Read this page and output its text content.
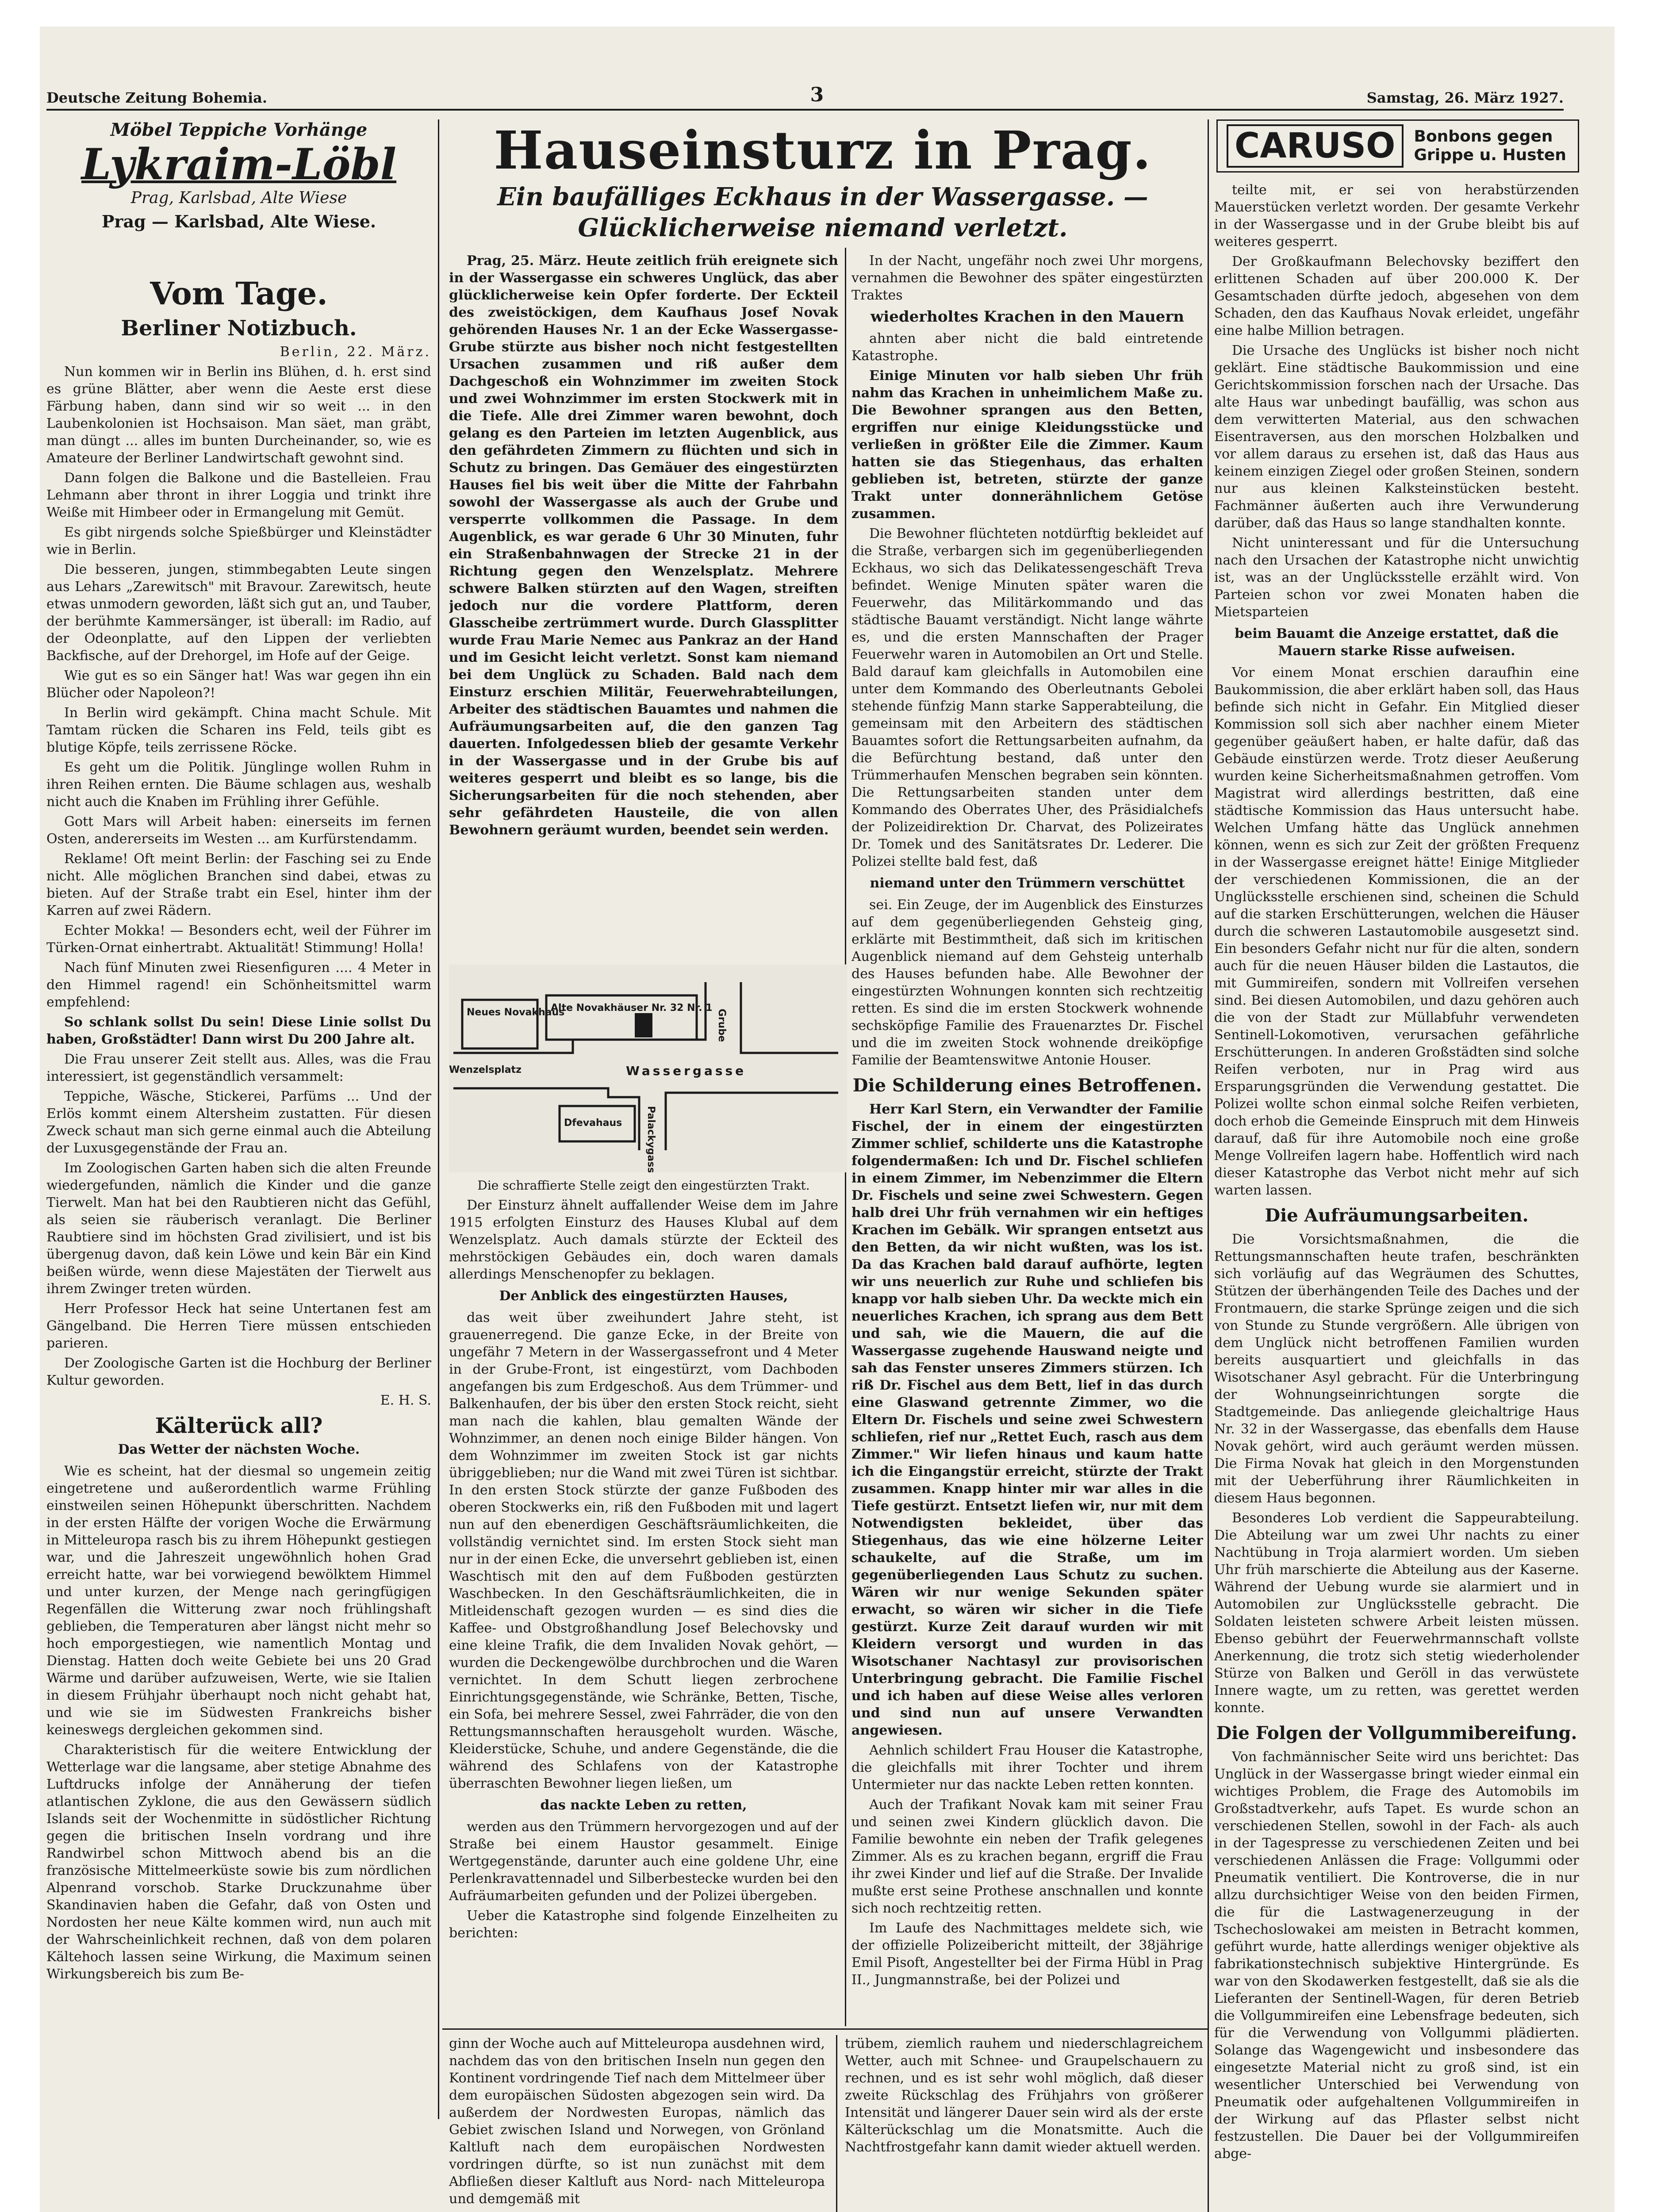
Deutsche Zeitung Bohemia.	3	Samstag, 26. März 1927.
Möbel Teppiche Vorhänge
Lykraim-Löbl
Prag, Karlsbad, Alte Wiese
Prag — Karlsbad, Alte Wiese.
Vom Tage.
Berliner Notizbuch.

Berlin, 22. März.

Nun kommen wir in Berlin ins Blühen, d. h. erst sind es grüne Blätter, aber wenn die Aeste erst diese Färbung haben, dann sind wir so weit ... in den Laubenkolonien ist Hochsaison. Man säet, man gräbt, man düngt ... alles im bunten Durcheinander, so, wie es Amateure der Berliner Landwirtschaft gewohnt sind.

Dann folgen die Balkone und die Bastelleien. Frau Lehmann aber thront in ihrer Loggia und trinkt ihre Weiße mit Himbeer oder in Ermangelung mit Gemüt.

Es gibt nirgends solche Spießbürger und Kleinstädter wie in Berlin.

Die besseren, jungen, stimmbegabten Leute singen aus Lehars „Zarewitsch" mit Bravour. Zarewitsch, heute etwas unmodern geworden, läßt sich gut an, und Tauber, der berühmte Kammersänger, ist überall: im Radio, auf der Odeonplatte, auf den Lippen der verliebten Backfische, auf der Drehorgel, im Hofe auf der Geige.

Wie gut es so ein Sänger hat! Was war gegen ihn ein Blücher oder Napoleon?!

In Berlin wird gekämpft. China macht Schule. Mit Tamtam rücken die Scharen ins Feld, teils gibt es blutige Köpfe, teils zerrissene Röcke.

Es geht um die Politik. Jünglinge wollen Ruhm in ihren Reihen ernten. Die Bäume schlagen aus, weshalb nicht auch die Knaben im Frühling ihrer Gefühle.

Gott Mars will Arbeit haben: einerseits im fernen Osten, andererseits im Westen ... am Kurfürstendamm.

Reklame! Oft meint Berlin: der Fasching sei zu Ende nicht. Alle möglichen Branchen sind dabei, etwas zu bieten. Auf der Straße trabt ein Esel, hinter ihm der Karren auf zwei Rädern.

Echter Mokka! — Besonders echt, weil der Führer im Türken-Ornat einhertrabt. Aktualität! Stimmung! Holla!

Nach fünf Minuten zwei Riesenfiguren .... 4 Meter in den Himmel ragend! ein Schönheitsmittel warm empfehlend:

So schlank sollst Du sein! Diese Linie sollst Du haben, Großstädter! Dann wirst Du 200 Jahre alt.

Die Frau unserer Zeit stellt aus. Alles, was die Frau interessiert, ist gegenständlich versammelt:

Teppiche, Wäsche, Stickerei, Parfüms ... Und der Erlös kommt einem Altersheim zustatten. Für diesen Zweck schaut man sich gerne einmal auch die Abteilung der Luxusgegenstände der Frau an.

Im Zoologischen Garten haben sich die alten Freunde wiedergefunden, nämlich die Kinder und die ganze Tierwelt. Man hat bei den Raubtieren nicht das Gefühl, als seien sie räuberisch veranlagt. Die Berliner Raubtiere sind im höchsten Grad zivilisiert, und ist bis übergenug davon, daß kein Löwe und kein Bär ein Kind beißen würde, wenn diese Majestäten der Tierwelt aus ihrem Zwinger treten würden.

Herr Professor Heck hat seine Untertanen fest am Gängelband. Die Herren Tiere müssen entschieden parieren.

Der Zoologische Garten ist die Hochburg der Berliner Kultur geworden.

E. H. S.

Kälterück all?
Das Wetter der nächsten Woche.

Wie es scheint, hat der diesmal so ungemein zeitig eingetretene und außerordentlich warme Frühling einstweilen seinen Höhepunkt überschritten. Nachdem in der ersten Hälfte der vorigen Woche die Erwärmung in Mitteleuropa rasch bis zu ihrem Höhepunkt gestiegen war, und die Jahreszeit ungewöhnlich hohen Grad erreicht hatte, war bei vorwiegend bewölktem Himmel und unter kurzen, der Menge nach geringfügigen Regenfällen die Witterung zwar noch frühlingshaft geblieben, die Temperaturen aber längst nicht mehr so hoch emporgestiegen, wie namentlich Montag und Dienstag. Hatten doch weite Gebiete bei uns 20 Grad Wärme und darüber aufzuweisen, Werte, wie sie Italien in diesem Frühjahr überhaupt noch nicht gehabt hat, und wie sie im Südwesten Frankreichs bisher keineswegs dergleichen gekommen sind.

Charakteristisch für die weitere Entwicklung der Wetterlage war die langsame, aber stetige Abnahme des Luftdrucks infolge der Annäherung der tiefen atlantischen Zyklone, die aus den Gewässern südlich Islands seit der Wochenmitte in südöstlicher Richtung gegen die britischen Inseln vordrang und ihre Randwirbel schon Mittwoch abend bis an die französische Mittelmeerküste sowie bis zum nördlichen Alpenrand vorschob. Starke Druckzunahme über Skandinavien haben die Gefahr, daß von Osten und Nordosten her neue Kälte kommen wird, nun auch mit der Wahrscheinlichkeit rechnen, daß von dem polaren Kältehoch lassen seine Wirkung, die Maximum seinen Wirkungsbereich bis zum Be-

Hauseinsturz in Prag.
Ein baufälliges Eckhaus in der Wassergasse. — Glücklicherweise niemand verletzt.

Prag, 25. März. Heute zeitlich früh ereignete sich in der Wassergasse ein schweres Unglück, das aber glücklicherweise kein Opfer forderte. Der Eckteil des zweistöckigen, dem Kaufhaus Josef Novak gehörenden Hauses Nr. 1 an der Ecke Wassergasse-Grube stürzte aus bisher noch nicht festgestellten Ursachen zusammen und riß außer dem Dachgeschoß ein Wohnzimmer im zweiten Stock und zwei Wohnzimmer im ersten Stockwerk mit in die Tiefe. Alle drei Zimmer waren bewohnt, doch gelang es den Parteien im letzten Augenblick, aus den gefährdeten Zimmern zu flüchten und sich in Schutz zu bringen. Das Gemäuer des eingestürzten Hauses fiel bis weit über die Mitte der Fahrbahn sowohl der Wassergasse als auch der Grube und versperrte vollkommen die Passage. In dem Augenblick, es war gerade 6 Uhr 30 Minuten, fuhr ein Straßenbahnwagen der Strecke 21 in der Richtung gegen den Wenzelsplatz. Mehrere schwere Balken stürzten auf den Wagen, streiften jedoch nur die vordere Plattform, deren Glasscheibe zertrümmert wurde. Durch Glassplitter wurde Frau Marie Nemec aus Pankraz an der Hand und im Gesicht leicht verletzt. Sonst kam niemand bei dem Unglück zu Schaden. Bald nach dem Einsturz erschien Militär, Feuerwehrabteilungen, Arbeiter des städtischen Bauamtes und nahmen die Aufräumungsarbeiten auf, die den ganzen Tag dauerten. Infolgedessen blieb der gesamte Verkehr in der Wassergasse und in der Grube bis auf weiteres gesperrt und bleibt es so lange, bis die Sicherungsarbeiten für die noch stehenden, aber sehr gefährdeten Hausteile, die von allen Bewohnern geräumt wurden, beendet sein werden.

Neues Novakhaus
Alte Novakhäuser Nr. 32 Nr. 1
Wenzelsplatz	Wassergasse
Dfevahaus
Grube
Palackygasse

Die schraffierte Stelle zeigt den eingestürzten Trakt.

Der Einsturz ähnelt auffallender Weise dem im Jahre 1915 erfolgten Einsturz des Hauses Klubal auf dem Wenzelsplatz. Auch damals stürzte der Eckteil des mehrstöckigen Gebäudes ein, doch waren damals allerdings Menschenopfer zu beklagen.

Der Anblick des eingestürzten Hauses,

das weit über zweihundert Jahre steht, ist grauenerregend. Die ganze Ecke, in der Breite von ungefähr 7 Metern in der Wassergassefront und 4 Meter in der Grube-Front, ist eingestürzt, vom Dachboden angefangen bis zum Erdgeschoß. Aus dem Trümmer- und Balkenhaufen, der bis über den ersten Stock reicht, sieht man nach die kahlen, blau gemalten Wände der Wohnzimmer, an denen noch einige Bilder hängen. Von dem Wohnzimmer im zweiten Stock ist gar nichts übriggeblieben; nur die Wand mit zwei Türen ist sichtbar. In den ersten Stock stürzte der ganze Fußboden des oberen Stockwerks ein, riß den Fußboden mit und lagert nun auf den ebenerdigen Geschäftsräumlichkeiten, die vollständig vernichtet sind. Im ersten Stock sieht man nur in der einen Ecke, die unversehrt geblieben ist, einen Waschtisch mit den auf dem Fußboden gestürzten Waschbecken. In den Geschäftsräumlichkeiten, die in Mitleidenschaft gezogen wurden — es sind dies die Kaffee- und Obstgroßhandlung Josef Belechovsky und eine kleine Trafik, die dem Invaliden Novak gehört, — wurden die Deckengewölbe durchbrochen und die Waren vernichtet. In dem Schutt liegen zerbrochene Einrichtungsgegenstände, wie Schränke, Betten, Tische, ein Sofa, bei mehrere Sessel, zwei Fahrräder, die von den Rettungsmannschaften herausgeholt wurden. Wäsche, Kleiderstücke, Schuhe, und andere Gegenstände, die die während des Schlafens von der Katastrophe überraschten Bewohner liegen ließen, um

das nackte Leben zu retten,

werden aus den Trümmern hervorgezogen und auf der Straße bei einem Haustor gesammelt. Einige Wertgegenstände, darunter auch eine goldene Uhr, eine Perlenkravattennadel und Silberbestecke wurden bei den Aufräumarbeiten gefunden und der Polizei übergeben.

Ueber die Katastrophe sind folgende Einzelheiten zu berichten:

In der Nacht, ungefähr noch zwei Uhr morgens, vernahmen die Bewohner des später eingestürzten Traktes

wiederholtes Krachen in den Mauern

ahnten aber nicht die bald eintretende Katastrophe.

Einige Minuten vor halb sieben Uhr früh nahm das Krachen in unheimlichem Maße zu. Die Bewohner sprangen aus den Betten, ergriffen nur einige Kleidungsstücke und verließen in größter Eile die Zimmer. Kaum hatten sie das Stiegenhaus, das erhalten geblieben ist, betreten, stürzte der ganze Trakt unter donnerähnlichem Getöse zusammen.

Die Bewohner flüchteten notdürftig bekleidet auf die Straße, verbargen sich im gegenüberliegenden Eckhaus, wo sich das Delikatessengeschäft Treva befindet. Wenige Minuten später waren die Feuerwehr, das Militärkommando und das städtische Bauamt verständigt. Nicht lange währte es, und die ersten Mannschaften der Prager Feuerwehr waren in Automobilen an Ort und Stelle. Bald darauf kam gleichfalls in Automobilen eine unter dem Kommando des Oberleutnants Gebolei stehende fünfzig Mann starke Sapperabteilung, die gemeinsam mit den Arbeitern des städtischen Bauamtes sofort die Rettungsarbeiten aufnahm, da die Befürchtung bestand, daß unter den Trümmerhaufen Menschen begraben sein könnten. Die Rettungsarbeiten standen unter dem Kommando des Oberrates Uher, des Präsidialchefs der Polizeidirektion Dr. Charvat, des Polizeirates Dr. Tomek und des Sanitätsrates Dr. Lederer. Die Polizei stellte bald fest, daß

niemand unter den Trümmern verschüttet

sei. Ein Zeuge, der im Augenblick des Einsturzes auf dem gegenüberliegenden Gehsteig ging, erklärte mit Bestimmtheit, daß sich im kritischen Augenblick niemand auf dem Gehsteig unterhalb des Hauses befunden habe. Alle Bewohner der eingestürzten Wohnungen konnten sich rechtzeitig retten. Es sind die im ersten Stockwerk wohnende sechsköpfige Familie des Frauenarztes Dr. Fischel und die im zweiten Stock wohnende dreiköpfige Familie der Beamtenswitwe Antonie Houser.

Die Schilderung eines Betroffenen.

Herr Karl Stern, ein Verwandter der Familie Fischel, der in einem der eingestürzten Zimmer schlief, schilderte uns die Katastrophe folgendermaßen: Ich und Dr. Fischel schliefen in einem Zimmer, im Nebenzimmer die Eltern Dr. Fischels und seine zwei Schwestern. Gegen halb drei Uhr früh vernahmen wir ein heftiges Krachen im Gebälk. Wir sprangen entsetzt aus den Betten, da wir nicht wußten, was los ist. Da das Krachen bald darauf aufhörte, legten wir uns neuerlich zur Ruhe und schliefen bis knapp vor halb sieben Uhr. Da weckte mich ein neuerliches Krachen, ich sprang aus dem Bett und sah, wie die Mauern, die auf die Wassergasse zugehende Hauswand neigte und sah das Fenster unseres Zimmers stürzen. Ich riß Dr. Fischel aus dem Bett, lief in das durch eine Glaswand getrennte Zimmer, wo die Eltern Dr. Fischels und seine zwei Schwestern schliefen, rief nur „Rettet Euch, rasch aus dem Zimmer." Wir liefen hinaus und kaum hatte ich die Eingangstür erreicht, stürzte der Trakt zusammen. Knapp hinter mir war alles in die Tiefe gestürzt. Entsetzt liefen wir, nur mit dem Notwendigsten bekleidet, über das Stiegenhaus, das wie eine hölzerne Leiter schaukelte, auf die Straße, um im gegenüberliegenden Laus Schutz zu suchen. Wären wir nur wenige Sekunden später erwacht, so wären wir sicher in die Tiefe gestürzt. Kurze Zeit darauf wurden wir mit Kleidern versorgt und wurden in das Wisotschaner Nachtasyl zur provisorischen Unterbringung gebracht. Die Familie Fischel und ich haben auf diese Weise alles verloren und sind nun auf unsere Verwandten angewiesen.

Aehnlich schildert Frau Houser die Katastrophe, die gleichfalls mit ihrer Tochter und ihrem Untermieter nur das nackte Leben retten konnten.

Auch der Trafikant Novak kam mit seiner Frau und seinen zwei Kindern glücklich davon. Die Familie bewohnte ein neben der Trafik gelegenes Zimmer. Als es zu krachen begann, ergriff die Frau ihr zwei Kinder und lief auf die Straße. Der Invalide mußte erst seine Prothese anschnallen und konnte sich noch rechtzeitig retten.

Im Laufe des Nachmittages meldete sich, wie der offizielle Polizeibericht mitteilt, der 38jährige Emil Pisoft, Angestellter bei der Firma Hübl in Prag II., Jungmannstraße, bei der Polizei und

CARUSO	Bonbons gegen
Grippe u. Husten

teilte mit, er sei von herabstürzenden Mauerstücken verletzt worden. Der gesamte Verkehr in der Wassergasse und in der Grube bleibt bis auf weiteres gesperrt.

Der Großkaufmann Belechovsky beziffert den erlittenen Schaden auf über 200.000 K. Der Gesamtschaden dürfte jedoch, abgesehen von dem Schaden, den das Kaufhaus Novak erleidet, ungefähr eine halbe Million betragen.

Die Ursache des Unglücks ist bisher noch nicht geklärt. Eine städtische Baukommission und eine Gerichtskommission forschen nach der Ursache. Das alte Haus war unbedingt baufällig, was schon aus dem verwitterten Material, aus den schwachen Eisentraversen, aus den morschen Holzbalken und vor allem daraus zu ersehen ist, daß das Haus aus keinem einzigen Ziegel oder großen Steinen, sondern nur aus kleinen Kalksteinstücken besteht. Fachmänner äußerten auch ihre Verwunderung darüber, daß das Haus so lange standhalten konnte.

Nicht uninteressant und für die Untersuchung nach den Ursachen der Katastrophe nicht unwichtig ist, was an der Unglücksstelle erzählt wird. Von Parteien schon vor zwei Monaten haben die Mietsparteien

beim Bauamt die Anzeige erstattet, daß die Mauern starke Risse aufweisen.

Vor einem Monat erschien daraufhin eine Baukommission, die aber erklärt haben soll, das Haus befinde sich nicht in Gefahr. Ein Mitglied dieser Kommission soll sich aber nachher einem Mieter gegenüber geäußert haben, er halte dafür, daß das Gebäude einstürzen werde. Trotz dieser Aeußerung wurden keine Sicherheitsmaßnahmen getroffen. Vom Magistrat wird allerdings bestritten, daß eine städtische Kommission das Haus untersucht habe. Welchen Umfang hätte das Unglück annehmen können, wenn es sich zur Zeit der größten Frequenz in der Wassergasse ereignet hätte! Einige Mitglieder der verschiedenen Kommissionen, die an der Unglücksstelle erschienen sind, scheinen die Schuld auf die starken Erschütterungen, welchen die Häuser durch die schweren Lastautomobile ausgesetzt sind. Ein besonders Gefahr nicht nur für die alten, sondern auch für die neuen Häuser bilden die Lastautos, die mit Gummireifen, sondern mit Vollreifen versehen sind. Bei diesen Automobilen, und dazu gehören auch die von der Stadt zur Müllabfuhr verwendeten Sentinell-Lokomotiven, verursachen gefährliche Erschütterungen. In anderen Großstädten sind solche Reifen verboten, nur in Prag wird aus Ersparungsgründen die Verwendung gestattet. Die Polizei wollte schon einmal solche Reifen verbieten, doch erhob die Gemeinde Einspruch mit dem Hinweis darauf, daß für ihre Automobile noch eine große Menge Vollreifen lagern habe. Hoffentlich wird nach dieser Katastrophe das Verbot nicht mehr auf sich warten lassen.

Die Aufräumungsarbeiten.

Die Vorsichtsmaßnahmen, die die Rettungsmannschaften heute trafen, beschränkten sich vorläufig auf das Wegräumen des Schuttes, Stützen der überhängenden Teile des Daches und der Frontmauern, die starke Sprünge zeigen und die sich von Stunde zu Stunde vergrößern. Alle übrigen von dem Unglück nicht betroffenen Familien wurden bereits ausquartiert und gleichfalls in das Wisotschaner Asyl gebracht. Für die Unterbringung der Wohnungseinrichtungen sorgte die Stadtgemeinde. Das anliegende gleichaltrige Haus Nr. 32 in der Wassergasse, das ebenfalls dem Hause Novak gehört, wird auch geräumt werden müssen. Die Firma Novak hat gleich in den Morgenstunden mit der Ueberführung ihrer Räumlichkeiten in diesem Haus begonnen.

Besonderes Lob verdient die Sappeurabteilung. Die Abteilung war um zwei Uhr nachts zu einer Nachtübung in Troja alarmiert worden. Um sieben Uhr früh marschierte die Abteilung aus der Kaserne. Während der Uebung wurde sie alarmiert und in Automobilen zur Unglücksstelle gebracht. Die Soldaten leisteten schwere Arbeit leisten müssen. Ebenso gebührt der Feuerwehrmannschaft vollste Anerkennung, die trotz sich stetig wiederholender Stürze von Balken und Geröll in das verwüstete Innere wagte, um zu retten, was gerettet werden konnte.

Die Folgen der Vollgummibereifung.

Von fachmännischer Seite wird uns berichtet: Das Unglück in der Wassergasse bringt wieder einmal ein wichtiges Problem, die Frage des Automobils im Großstadtverkehr, aufs Tapet. Es wurde schon an verschiedenen Stellen, sowohl in der Fach- als auch in der Tagespresse zu verschiedenen Zeiten und bei verschiedenen Anlässen die Frage: Vollgummi oder Pneumatik ventiliert. Die Kontroverse, die in nur allzu durchsichtiger Weise von den beiden Firmen, die für die Lastwagenerzeugung in der Tschechoslowakei am meisten in Betracht kommen, geführt wurde, hatte allerdings weniger objektive als fabrikationstechnisch subjektive Hintergründe. Es war von den Skodawerken festgestellt, daß sie als die Lieferanten der Sentinell-Wagen, für deren Betrieb die Vollgummireifen eine Lebensfrage bedeuten, sich für die Verwendung von Vollgummi plädierten. Solange das Wagengewicht und insbesondere das eingesetzte Material nicht zu groß sind, ist ein wesentlicher Unterschied bei Verwendung von Pneumatik oder aufgehaltenen Vollgummireifen in der Wirkung auf das Pflaster selbst nicht festzustellen. Die Dauer bei der Vollgummireifen abge-

ginn der Woche auch auf Mitteleuropa ausdehnen wird, nachdem das von den britischen Inseln nun gegen den Kontinent vordringende Tief nach dem Mittelmeer über dem europäischen Südosten abgezogen sein wird. Da außerdem der Nordwesten Europas, nämlich das Gebiet zwischen Island und Norwegen, von Grönland Kaltluft nach dem europäischen Nordwesten vordringen dürfte, so ist nun zunächst mit dem Abfließen dieser Kaltluft aus Nord- nach Mitteleuropa und demgemäß mit

trübem, ziemlich rauhem und niederschlagreichem Wetter, auch mit Schnee- und Graupelschauern zu rechnen, und es ist sehr wohl möglich, daß dieser zweite Rückschlag des Frühjahrs von größerer Intensität und längerer Dauer sein wird als der erste Kälterückschlag um die Monatsmitte. Auch die Nachtfrostgefahr kann damit wieder aktuell werden.
